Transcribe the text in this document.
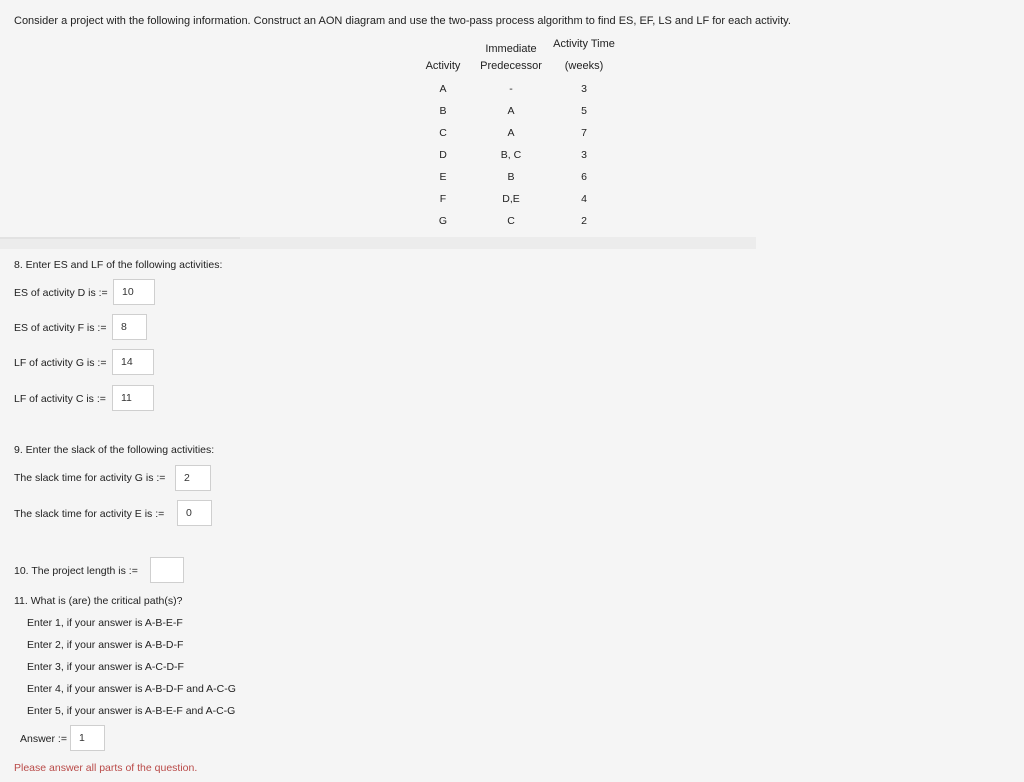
Consider a project with the following information. Construct an AON diagram and use the two-pass process algorithm to find ES, EF, LS and LF for each activity.
Activity
Immediate
Predecessor
Activity Time
(weeks)
A	-	3
B	A	5
C	A	7
D	B, C	3
E	B	6
F	D,E	4
G	C	2
8. Enter ES and LF of the following activities:
ES of activity D is :=	10
ES of activity F is :=	8
LF of activity G is :=	14
LF of activity C is :=	11
9. Enter the slack of the following activities:
The slack time for activity G is :=	2
The slack time for activity E is :=	0
10. The project length is :=
11. What is (are) the critical path(s)?
Enter 1, if your answer is A-B-E-F
Enter 2, if your answer is A-B-D-F
Enter 3, if your answer is A-C-D-F
Enter 4, if your answer is A-B-D-F and A-C-G
Enter 5, if your answer is A-B-E-F and A-C-G
Answer :=	1
Please answer all parts of the question.
